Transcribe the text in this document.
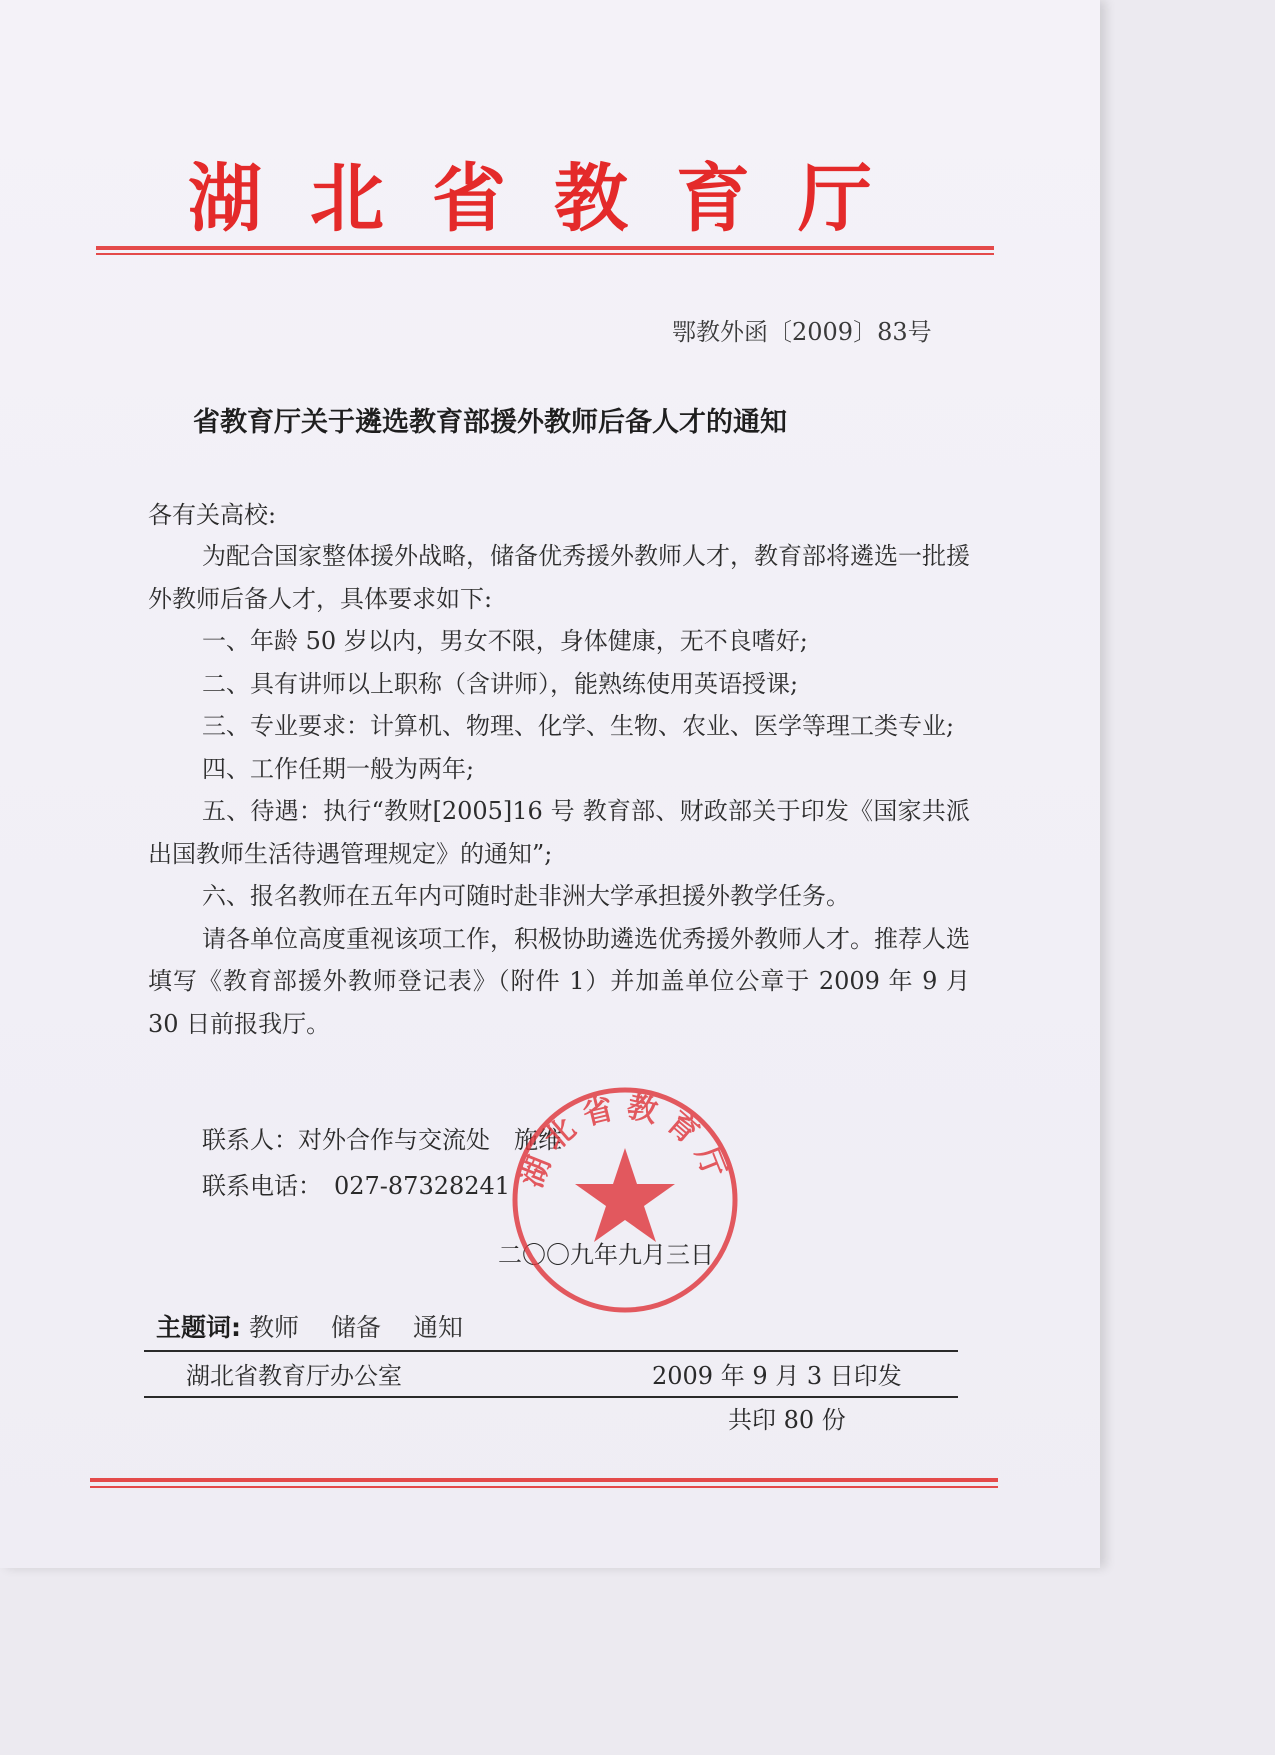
湖北省教育厅
鄂教外函〔2009〕83号
省教育厅关于遴选教育部援外教师后备人才的通知
各有关高校:

为配合国家整体援外战略，储备优秀援外教师人才，教育部将遴选一批援外教师后备人才，具体要求如下:

一、年龄 50 岁以内，男女不限，身体健康，无不良嗜好;

二、具有讲师以上职称（含讲师），能熟练使用英语授课;

三、专业要求：计算机、物理、化学、生物、农业、医学等理工类专业;

四、工作任期一般为两年;

五、待遇：执行“教财[2005]16 号 教育部、财政部关于印发《国家共派出国教师生活待遇管理规定》的通知”;

六、报名教师在五年内可随时赴非洲大学承担援外教学任务。

请各单位高度重视该项工作，积极协助遴选优秀援外教师人才。推荐人选填写《教育部援外教师登记表》（附件 1）并加盖单位公章于 2009 年 9 月 30 日前报我厅。

联系人：对外合作与交流处　施维
联系电话：　027-87328241
二〇〇九年九月三日
湖北省教育厅
主题词: 教师 储备 通知
湖北省教育厅办公室	2009 年 9 月 3 日印发
共印 80 份
